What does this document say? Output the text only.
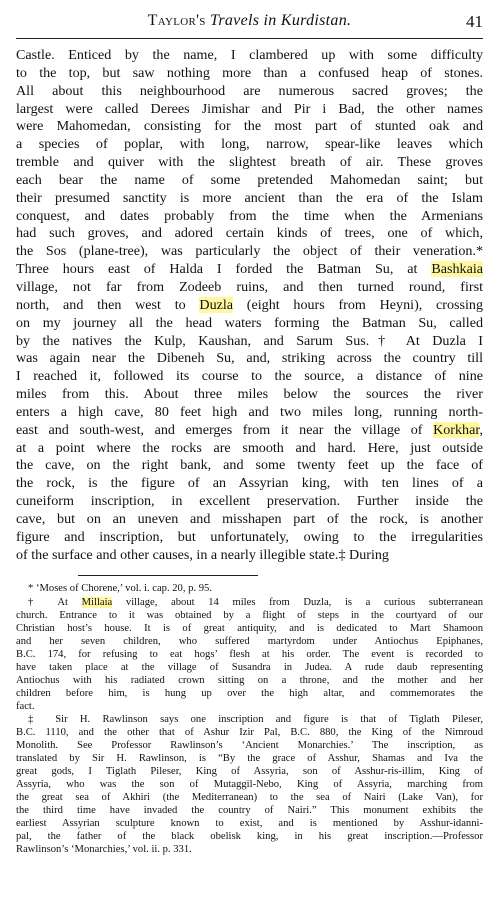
Taylor's Travels in Kurdistan.	41
Castle. Enticed by the name, I clambered up with some difficulty
to the top, but saw nothing more than a confused heap of stones.
All about this neighbourhood are numerous sacred groves; the
largest were called Derees Jimishar and Pir i Bad, the other names
were Mahomedan, consisting for the most part of stunted oak and
a species of poplar, with long, narrow, spear-like leaves which
tremble and quiver with the slightest breath of air. These groves
each bear the name of some pretended Mahomedan saint; but
their presumed sanctity is more ancient than the era of the Islam
conquest, and dates probably from the time when the Armenians
had such groves, and adored certain kinds of trees, one of which,
the Sos (plane-tree), was particularly the object of their veneration.*
Three hours east of Halda I forded the Batman Su, at Bashkaia
village, not far from Zodeeb ruins, and then turned round, first
north, and then west to Duzla (eight hours from Heyni), crossing
on my journey all the head waters forming the Batman Su, called
by the natives the Kulp, Kaushan, and Sarum Sus.† At Duzla I
was again near the Dibeneh Su, and, striking across the country till
I reached it, followed its course to the source, a distance of nine
miles from this. About three miles below the sources the river
enters a high cave, 80 feet high and two miles long, running north-
east and south-west, and emerges from it near the village of Korkhar,
at a point where the rocks are smooth and hard. Here, just outside
the cave, on the right bank, and some twenty feet up the face of
the rock, is the figure of an Assyrian king, with ten lines of a
cuneiform inscription, in excellent preservation. Further inside the
cave, but on an uneven and misshapen part of the rock, is another
figure and inscription, but unfortunately, owing to the irregularities
of the surface and other causes, in a nearly illegible state.‡ During
* ‘Moses of Chorene,’ vol. i. cap. 20, p. 95.
† At Millaia village, about 14 miles from Duzla, is a curious subterranean
church. Entrance to it was obtained by a flight of steps in the courtyard of our
Christian host’s house. It is of great antiquity, and is dedicated to Mart Shamoon
and her seven children, who suffered martyrdom under Antiochus Epiphanes,
B.C. 174, for refusing to eat hogs’ flesh at his order. The event is recorded to
have taken place at the village of Susandra in Judea. A rude daub representing
Antiochus with his radiated crown sitting on a throne, and the mother and her
children before him, is hung up over the high altar, and commemorates the
fact.
‡ Sir H. Rawlinson says one inscription and figure is that of Tiglath Pileser,
B.C. 1110, and the other that of Ashur Izir Pal, B.C. 880, the King of the Nimroud
Monolith. See Professor Rawlinson’s ‘Ancient Monarchies.’ The inscription, as
translated by Sir H. Rawlinson, is “By the grace of Asshur, Shamas and Iva the
great gods, I Tiglath Pileser, King of Assyria, son of Asshur-ris-illim, King of
Assyria, who was the son of Mutaggil-Nebo, King of Assyria, marching from
the great sea of Akhiri (the Mediterranean) to the sea of Nairi (Lake Van), for
the third time have invaded the country of Nairi.” This monument exhibits the
earliest Assyrian sculpture known to exist, and is mentioned by Asshur-idanni-
pal, the father of the black obelisk king, in his great inscription.—Professor
Rawlinson’s ‘Monarchies,’ vol. ii. p. 331.
